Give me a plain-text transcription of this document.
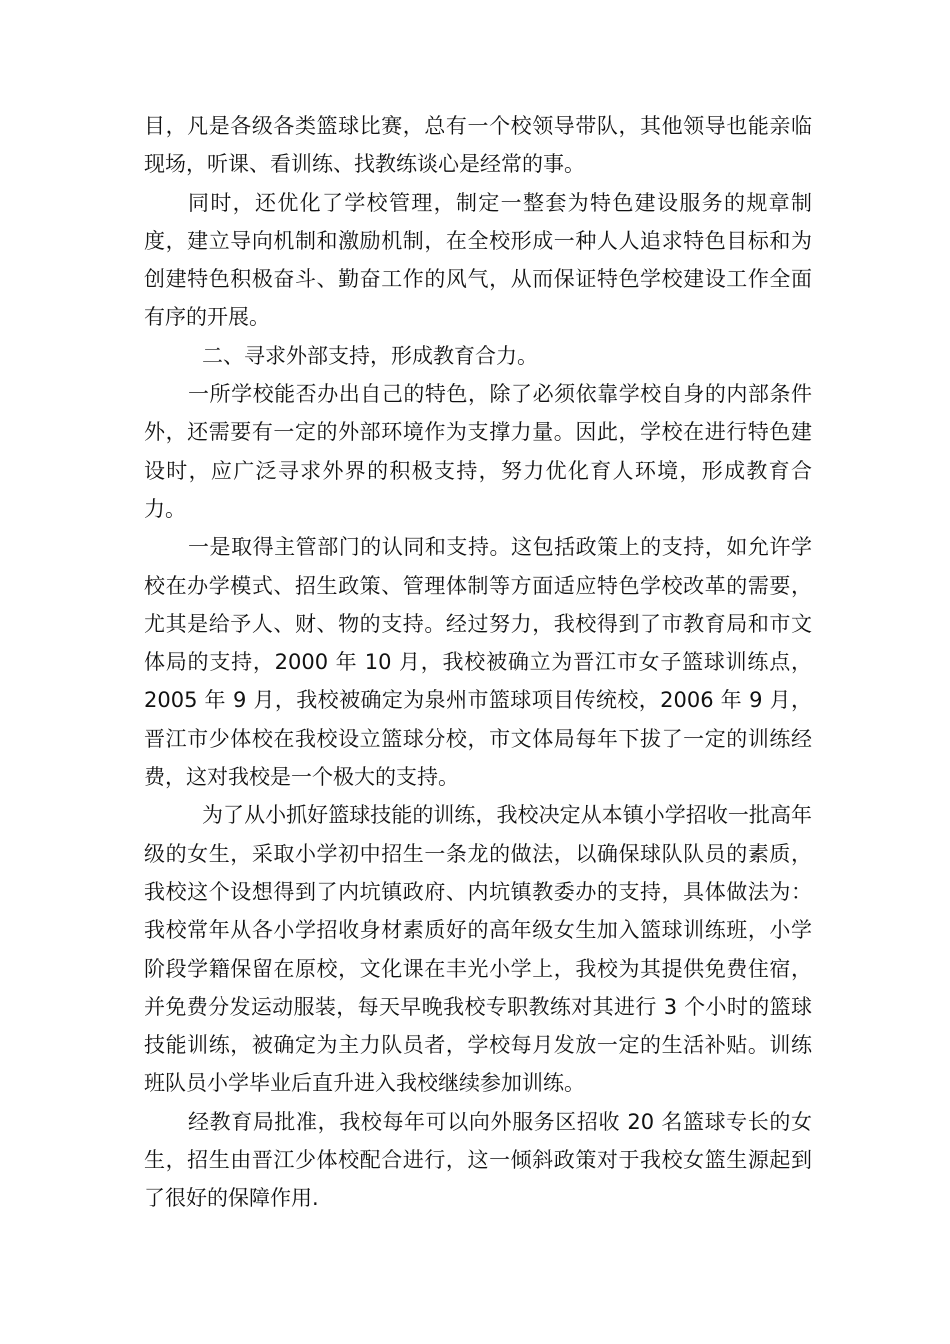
目，凡是各级各类篮球比赛，总有一个校领导带队，其他领导也能亲临现场，听课、看训练、找教练谈心是经常的事。

同时，还优化了学校管理，制定一整套为特色建设服务的规章制度，建立导向机制和激励机制，在全校形成一种人人追求特色目标和为创建特色积极奋斗、勤奋工作的风气，从而保证特色学校建设工作全面有序的开展。

二、寻求外部支持，形成教育合力。

一所学校能否办出自己的特色，除了必须依靠学校自身的内部条件外，还需要有一定的外部环境作为支撑力量。因此，学校在进行特色建设时，应广泛寻求外界的积极支持，努力优化育人环境，形成教育合力。

一是取得主管部门的认同和支持。这包括政策上的支持，如允许学校在办学模式、招生政策、管理体制等方面适应特色学校改革的需要，尤其是给予人、财、物的支持。经过努力，我校得到了市教育局和市文体局的支持，2000 年 10 月，我校被确立为晋江市女子篮球训练点，2005 年 9 月，我校被确定为泉州市篮球项目传统校，2006 年 9 月，晋江市少体校在我校设立篮球分校，市文体局每年下拔了一定的训练经费，这对我校是一个极大的支持。

为了从小抓好篮球技能的训练，我校决定从本镇小学招收一批高年级的女生，采取小学初中招生一条龙的做法，以确保球队队员的素质，我校这个设想得到了内坑镇政府、内坑镇教委办的支持，具体做法为：我校常年从各小学招收身材素质好的高年级女生加入篮球训练班，小学阶段学籍保留在原校，文化课在丰光小学上，我校为其提供免费住宿，并免费分发运动服装，每天早晚我校专职教练对其进行 3 个小时的篮球技能训练，被确定为主力队员者，学校每月发放一定的生活补贴。训练班队员小学毕业后直升进入我校继续参加训练。

经教育局批准，我校每年可以向外服务区招收 20 名篮球专长的女生，招生由晋江少体校配合进行，这一倾斜政策对于我校女篮生源起到了很好的保障作用.
